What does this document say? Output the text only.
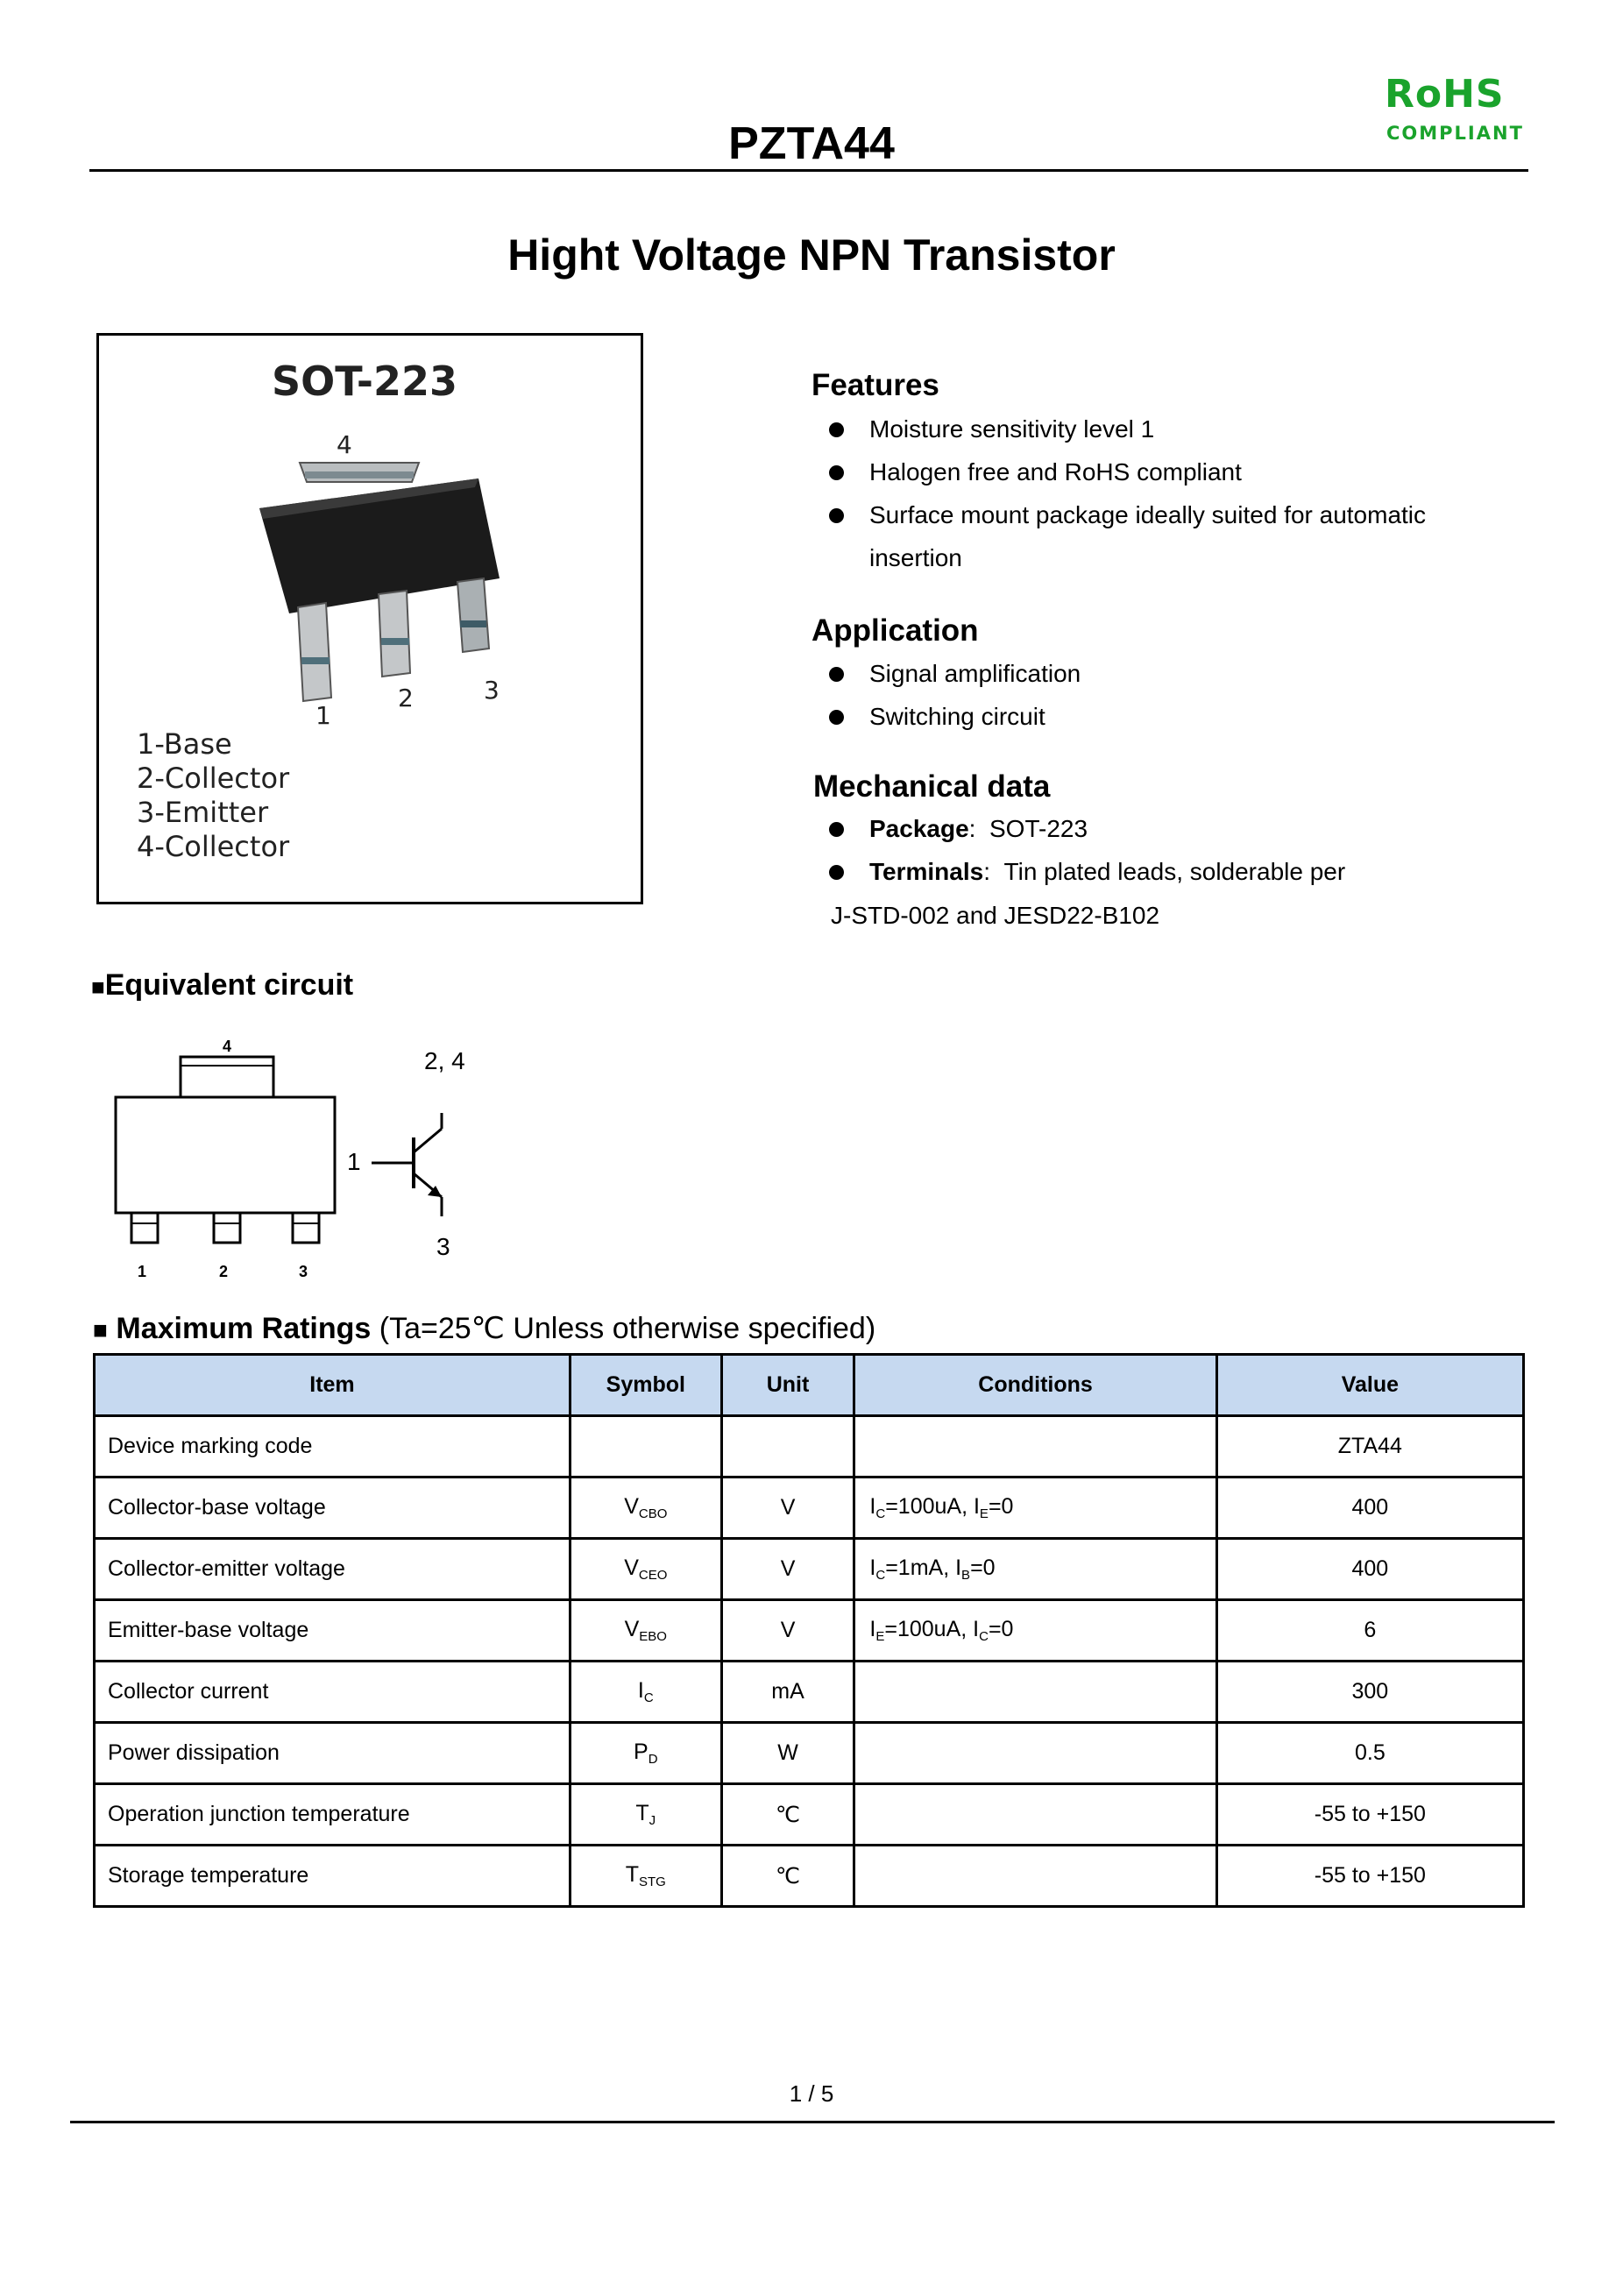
RoHS
COMPLIANT
PZTA44
Hight Voltage NPN Transistor
SOT-223
4
1
2	3
1-Base
2-Collector
3-Emitter
4-Collector
Features
Moisture sensitivity level 1
Halogen free and RoHS compliant
Surface mount package ideally suited for automatic
insertion
Application
Signal amplification
Switching circuit
Mechanical data
Package: SOT-223
Terminals: Tin plated leads, solderable per
J-STD-002 and JESD22-B102
■Equivalent circuit
4
1	2	3
1
2, 4
3
■ Maximum Ratings (Ta=25℃ Unless otherwise specified)
Item	Symbol	Unit	Conditions	Value
Device marking code				ZTA44
Collector-base voltage	$V_{CBO}$	V	$I_C=100uA$, $I_E=0$	400
Collector-emitter voltage	$V_{CEO}$	V	$I_C=1mA$, $I_B=0$	400
Emitter-base voltage	$V_{EBO}$	V	$I_E=100uA$, $I_C=0$	6
Collector current	$I_C$	mA		300
Power dissipation	$P_D$	W		0.5
Operation junction temperature	$T_J$	℃		-55 to +150
Storage temperature	$T_{STG}$	℃		-55 to +150
1 / 5
